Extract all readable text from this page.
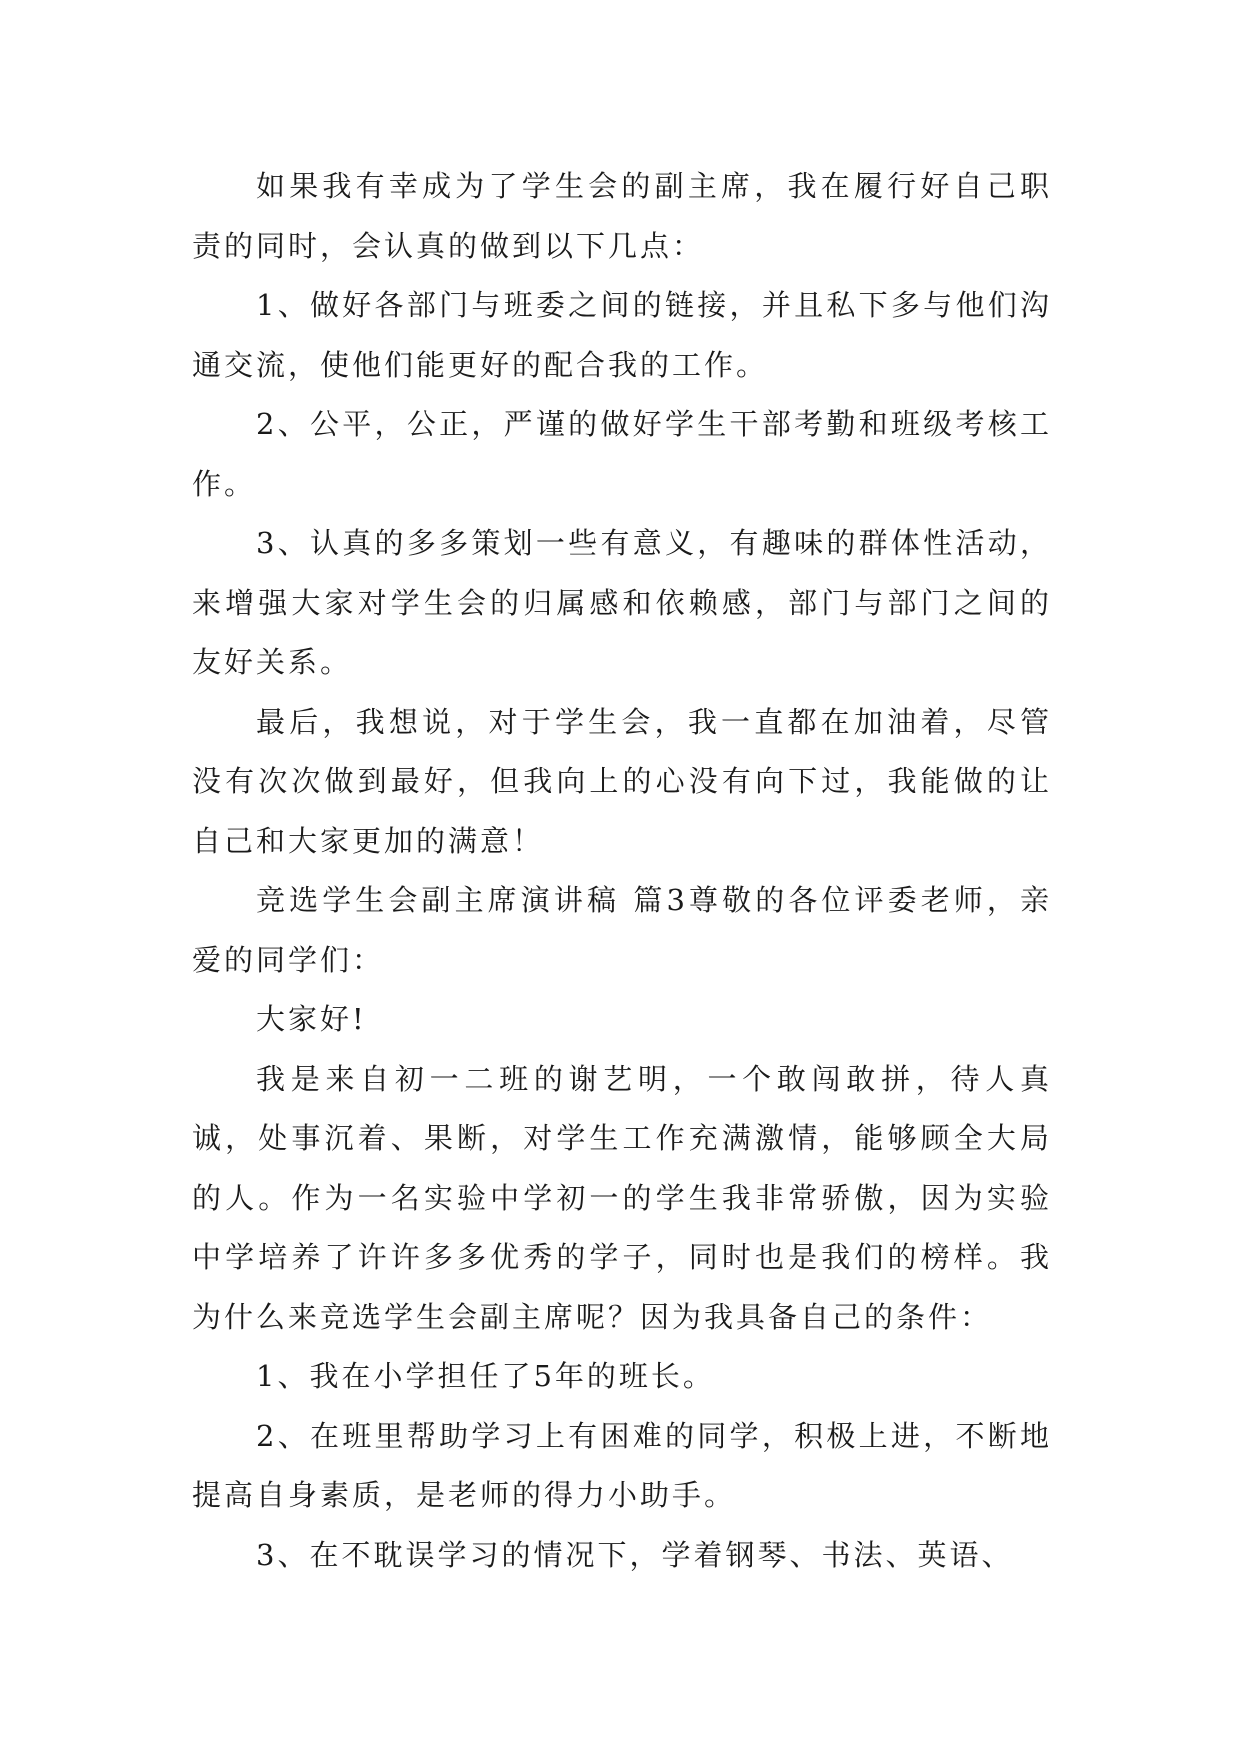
如果我有幸成为了学生会的副主席，我在履行好自己职责的同时，会认真的做到以下几点：

1、做好各部门与班委之间的链接，并且私下多与他们沟通交流，使他们能更好的配合我的工作。

2、公平，公正，严谨的做好学生干部考勤和班级考核工作。

3、认真的多多策划一些有意义，有趣味的群体性活动，来增强大家对学生会的归属感和依赖感，部门与部门之间的友好关系。

最后，我想说，对于学生会，我一直都在加油着，尽管没有次次做到最好，但我向上的心没有向下过，我能做的让自己和大家更加的满意！

竞选学生会副主席演讲稿 篇3尊敬的各位评委老师，亲爱的同学们：

大家好!

我是来自初一二班的谢艺明，一个敢闯敢拼，待人真诚，处事沉着、果断，对学生工作充满激情，能够顾全大局的人。作为一名实验中学初一的学生我非常骄傲，因为实验中学培养了许许多多优秀的学子，同时也是我们的榜样。我为什么来竞选学生会副主席呢？因为我具备自己的条件：

1、我在小学担任了5年的班长。

2、在班里帮助学习上有困难的同学，积极上进，不断地提高自身素质，是老师的得力小助手。

3、在不耽误学习的情况下，学着钢琴、书法、英语、
